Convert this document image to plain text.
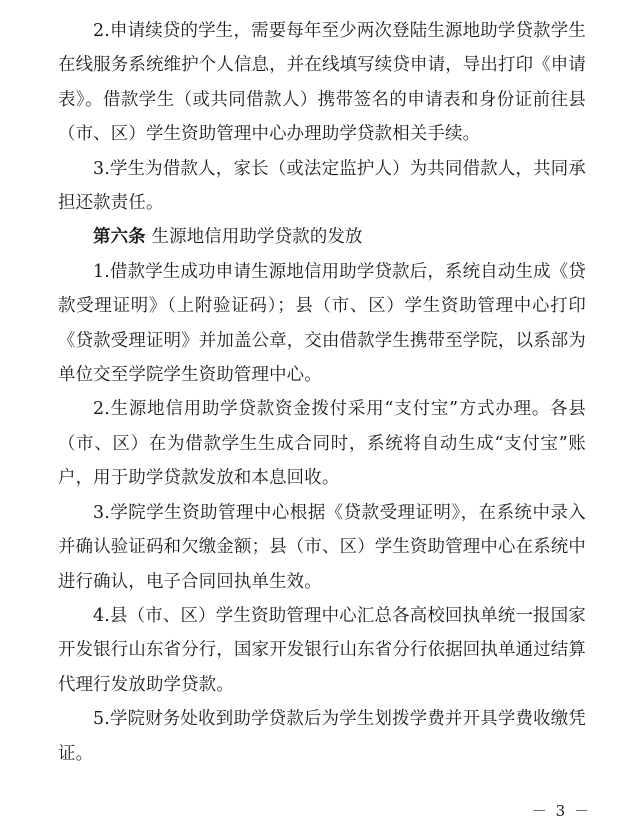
2.申请续贷的学生，需要每年至少两次登陆生源地助学贷款学生在线服务系统维护个人信息，并在线填写续贷申请，导出打印《申请表》。借款学生（或共同借款人）携带签名的申请表和身份证前往县（市、区）学生资助管理中心办理助学贷款相关手续。

3.学生为借款人，家长（或法定监护人）为共同借款人，共同承担还款责任。

第六条 生源地信用助学贷款的发放

1.借款学生成功申请生源地信用助学贷款后，系统自动生成《贷款受理证明》（上附验证码）；县（市、区）学生资助管理中心打印《贷款受理证明》并加盖公章，交由借款学生携带至学院，以系部为单位交至学院学生资助管理中心。

2.生源地信用助学贷款资金拨付采用“支付宝”方式办理。各县（市、区）在为借款学生生成合同时，系统将自动生成“支付宝”账户，用于助学贷款发放和本息回收。

3.学院学生资助管理中心根据《贷款受理证明》，在系统中录入并确认验证码和欠缴金额；县（市、区）学生资助管理中心在系统中进行确认，电子合同回执单生效。

4.县（市、区）学生资助管理中心汇总各高校回执单统一报国家开发银行山东省分行，国家开发银行山东省分行依据回执单通过结算代理行发放助学贷款。

5.学院财务处收到助学贷款后为学生划拨学费并开具学费收缴凭证。

－ 3 －
